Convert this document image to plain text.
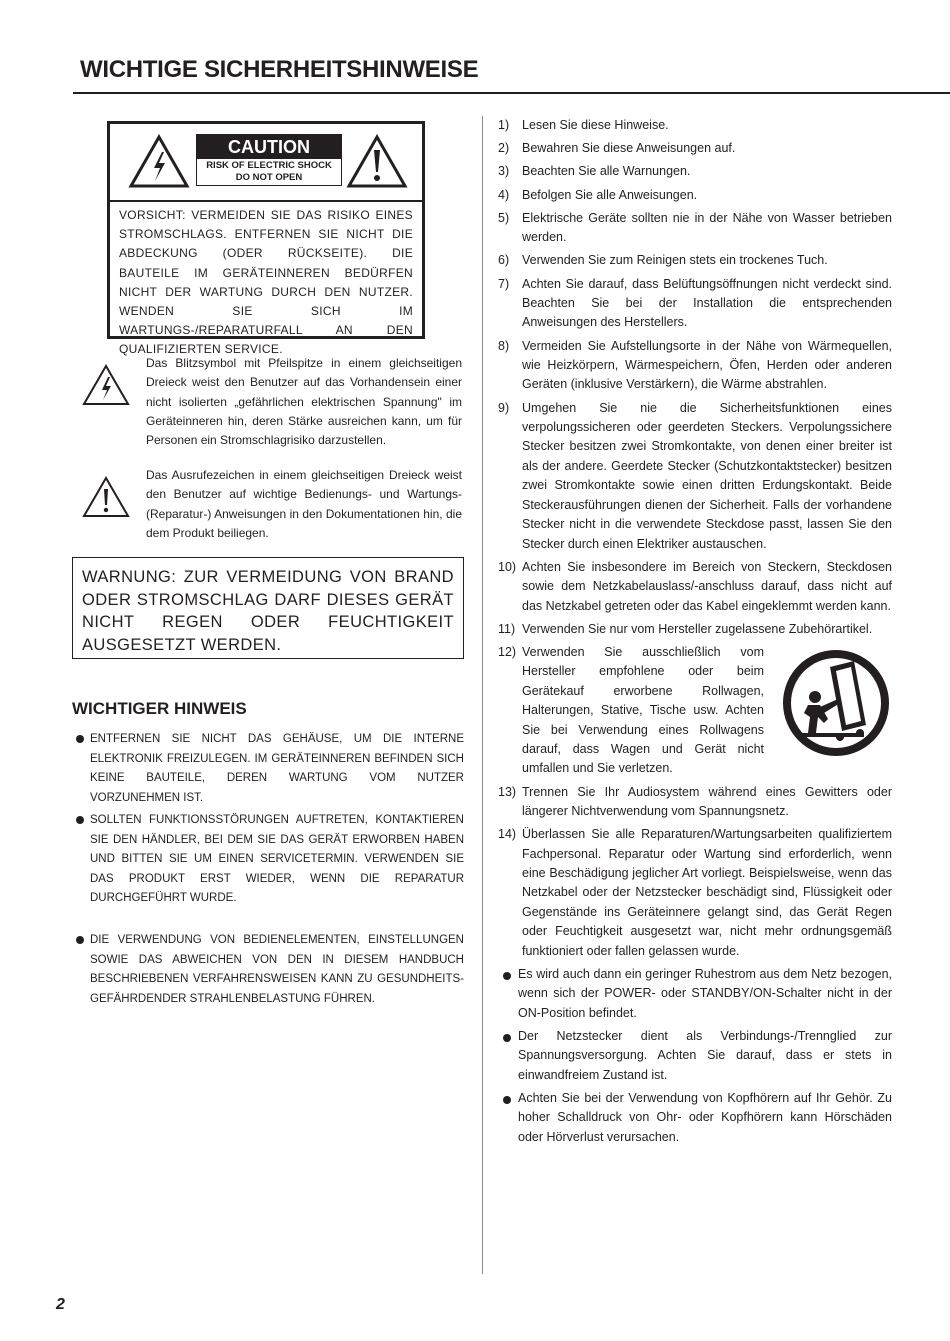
WICHTIGE SICHERHEITSHINWEISE
CAUTION
RISK OF ELECTRIC SHOCK
DO NOT OPEN
VORSICHT: VERMEIDEN SIE DAS RISIKO EINES STROMSCHLAGS. ENTFERNEN SIE NICHT DIE ABDECKUNG (ODER RÜCKSEITE). DIE BAUTEILE IM GERÄTEINNEREN BEDÜRFEN NICHT DER WARTUNG DURCH DEN NUTZER. WENDEN SIE SICH IM WARTUNGS-/REPARATURFALL AN DEN QUALIFIZIERTEN SERVICE.
Das Blitzsymbol mit Pfeilspitze in einem gleichseitigen Dreieck weist den Benutzer auf das Vorhandensein einer nicht isolierten „gefährlichen elektrischen Spannung" im Geräteinneren hin, deren Stärke ausreichen kann, um für Personen ein Stromschlagrisiko darzustellen.
Das Ausrufezeichen in einem gleichseitigen Dreieck weist den Benutzer auf wichtige Bedienungs- und Wartungs- (Reparatur-) Anweisungen in den Dokumentationen hin, die dem Produkt beiliegen.
WARNUNG: ZUR VERMEIDUNG VON BRAND ODER STROMSCHLAG DARF DIESES GERÄT NICHT REGEN ODER FEUCHTIGKEIT AUSGESETZT WERDEN.
WICHTIGER HINWEIS
ENTFERNEN SIE NICHT DAS GEHÄUSE, UM DIE INTERNE ELEKTRONIK FREIZULEGEN. IM GERÄTEINNEREN BEFINDEN SICH KEINE BAUTEILE, DEREN WARTUNG VOM NUTZER VORZUNEHMEN IST.
SOLLTEN FUNKTIONSSTÖRUNGEN AUFTRETEN, KONTAKTIEREN SIE DEN HÄNDLER, BEI DEM SIE DAS GERÄT ERWORBEN HABEN UND BITTEN SIE UM EINEN SERVICETERMIN. VERWENDEN SIE DAS PRODUKT ERST WIEDER, WENN DIE REPARATUR DURCHGEFÜHRT WURDE.
DIE VERWENDUNG VON BEDIENELEMENTEN, EINSTELLUNGEN SOWIE DAS ABWEICHEN VON DEN IN DIESEM HANDBUCH BESCHRIEBENEN VERFAHRENSWEISEN KANN ZU GESUNDHEITS-GEFÄHRDENDER STRAHLENBELASTUNG FÜHREN.
1) Lesen Sie diese Hinweise.
2) Bewahren Sie diese Anweisungen auf.
3) Beachten Sie alle Warnungen.
4) Befolgen Sie alle Anweisungen.
5) Elektrische Geräte sollten nie in der Nähe von Wasser betrieben werden.
6) Verwenden Sie zum Reinigen stets ein trockenes Tuch.
7) Achten Sie darauf, dass Belüftungsöffnungen nicht verdeckt sind. Beachten Sie bei der Installation die entsprechenden Anweisungen des Herstellers.
8) Vermeiden Sie Aufstellungsorte in der Nähe von Wärmequellen, wie Heizkörpern, Wärmespeichern, Öfen, Herden oder anderen Geräten (inklusive Verstärkern), die Wärme abstrahlen.
9) Umgehen Sie nie die Sicherheitsfunktionen eines verpolungssicheren oder geerdeten Steckers. Verpolungssichere Stecker besitzen zwei Stromkontakte, von denen einer breiter ist als der andere. Geerdete Stecker (Schutzkontaktstecker) besitzen zwei Stromkontakte sowie einen dritten Erdungskontakt. Beide Steckerausführungen dienen der Sicherheit. Falls der vorhandene Stecker nicht in die verwendete Steckdose passt, lassen Sie den Stecker durch einen Elektriker austauschen.
10) Achten Sie insbesondere im Bereich von Steckern, Steckdosen sowie dem Netzkabelauslass/-anschluss darauf, dass nicht auf das Netzkabel getreten oder das Kabel eingeklemmt werden kann.
11) Verwenden Sie nur vom Hersteller zugelassene Zubehörartikel.
12) Verwenden Sie ausschließlich vom Hersteller empfohlene oder beim Gerätekauf erworbene Rollwagen, Halterungen, Stative, Tische usw. Achten Sie bei Verwendung eines Rollwagens darauf, dass Wagen und Gerät nicht umfallen und Sie verletzen.
13) Trennen Sie Ihr Audiosystem während eines Gewitters oder längerer Nichtverwendung vom Spannungsnetz.
14) Überlassen Sie alle Reparaturen/Wartungsarbeiten qualifiziertem Fachpersonal. Reparatur oder Wartung sind erforderlich, wenn eine Beschädigung jeglicher Art vorliegt. Beispielsweise, wenn das Netzkabel oder der Netzstecker beschädigt sind, Flüssigkeit oder Gegenstände ins Geräteinnere gelangt sind, das Gerät Regen oder Feuchtigkeit ausgesetzt war, nicht mehr ordnungsgemäß funktioniert oder fallen gelassen wurde.
Es wird auch dann ein geringer Ruhestrom aus dem Netz bezogen, wenn sich der POWER- oder STANDBY/ON-Schalter nicht in der ON-Position befindet.
Der Netzstecker dient als Verbindungs-/Trennglied zur Spannungsversorgung. Achten Sie darauf, dass er stets in einwandfreiem Zustand ist.
Achten Sie bei der Verwendung von Kopfhörern auf Ihr Gehör. Zu hoher Schalldruck von Ohr- oder Kopfhörern kann Hörschäden oder Hörverlust verursachen.
2
